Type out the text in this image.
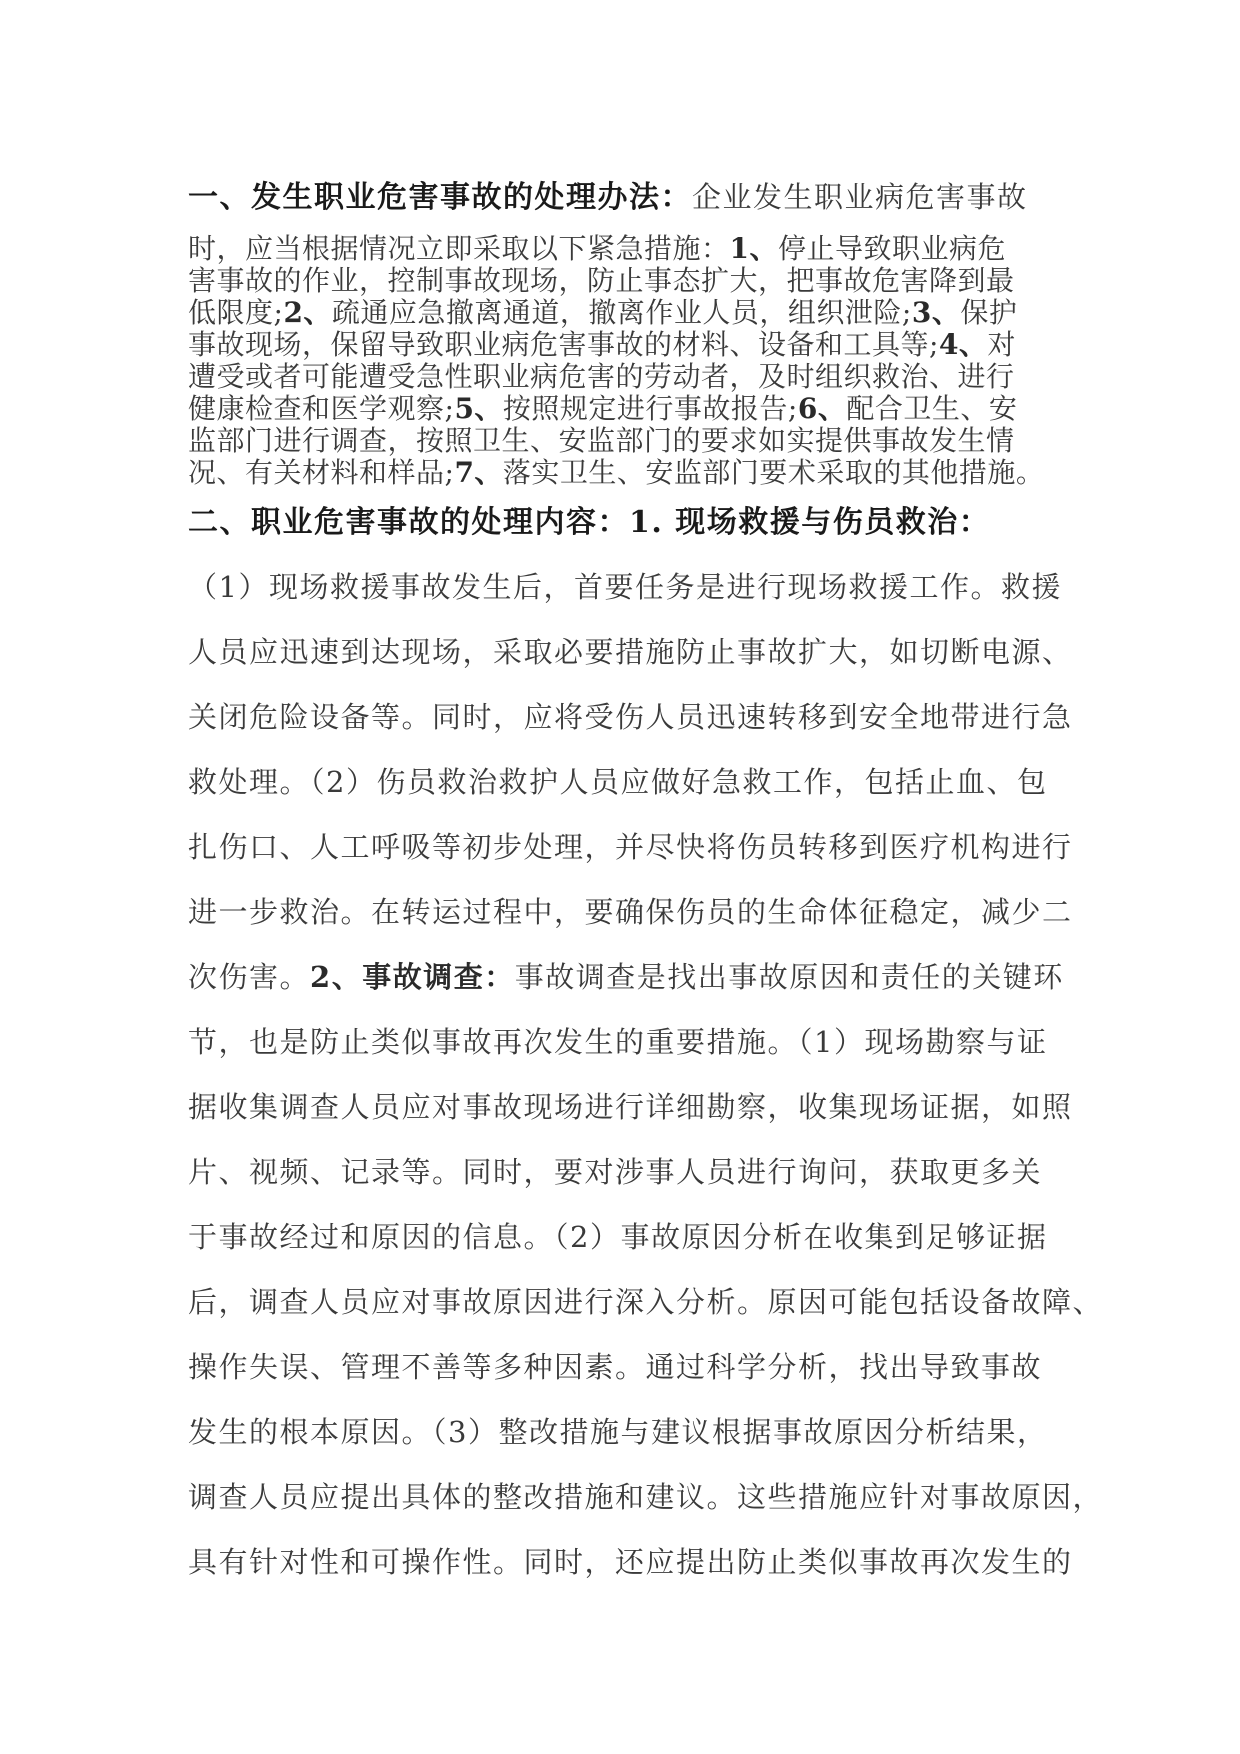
一、发生职业危害事故的处理办法：企业发生职业病危害事故
时，应当根据情况立即采取以下紧急措施：1、停止导致职业病危
害事故的作业，控制事故现场，防止事态扩大，把事故危害降到最
低限度;2、疏通应急撤离通道，撤离作业人员，组织泄险;3、保护
事故现场，保留导致职业病危害事故的材料、设备和工具等;4、对
遭受或者可能遭受急性职业病危害的劳动者，及时组织救治、进行
健康检查和医学观察;5、按照规定进行事故报告;6、配合卫生、安
监部门进行调查，按照卫生、安监部门的要求如实提供事故发生情
况、有关材料和样品;7、落实卫生、安监部门要术采取的其他措施。
二、职业危害事故的处理内容：1. 现场救援与伤员救治：
（1）现场救援事故发生后，首要任务是进行现场救援工作。救援
人员应迅速到达现场，采取必要措施防止事故扩大，如切断电源、
关闭危险设备等。同时，应将受伤人员迅速转移到安全地带进行急
救处理。（2）伤员救治救护人员应做好急救工作，包括止血、包
扎伤口、人工呼吸等初步处理，并尽快将伤员转移到医疗机构进行
进一步救治。在转运过程中，要确保伤员的生命体征稳定，减少二
次伤害。2、事故调查：事故调查是找出事故原因和责任的关键环
节，也是防止类似事故再次发生的重要措施。（1）现场勘察与证
据收集调查人员应对事故现场进行详细勘察，收集现场证据，如照
片、视频、记录等。同时，要对涉事人员进行询问，获取更多关
于事故经过和原因的信息。（2）事故原因分析在收集到足够证据
后，调查人员应对事故原因进行深入分析。原因可能包括设备故障、
操作失误、管理不善等多种因素。通过科学分析，找出导致事故
发生的根本原因。（3）整改措施与建议根据事故原因分析结果，
调查人员应提出具体的整改措施和建议。这些措施应针对事故原因，
具有针对性和可操作性。同时，还应提出防止类似事故再次发生的
